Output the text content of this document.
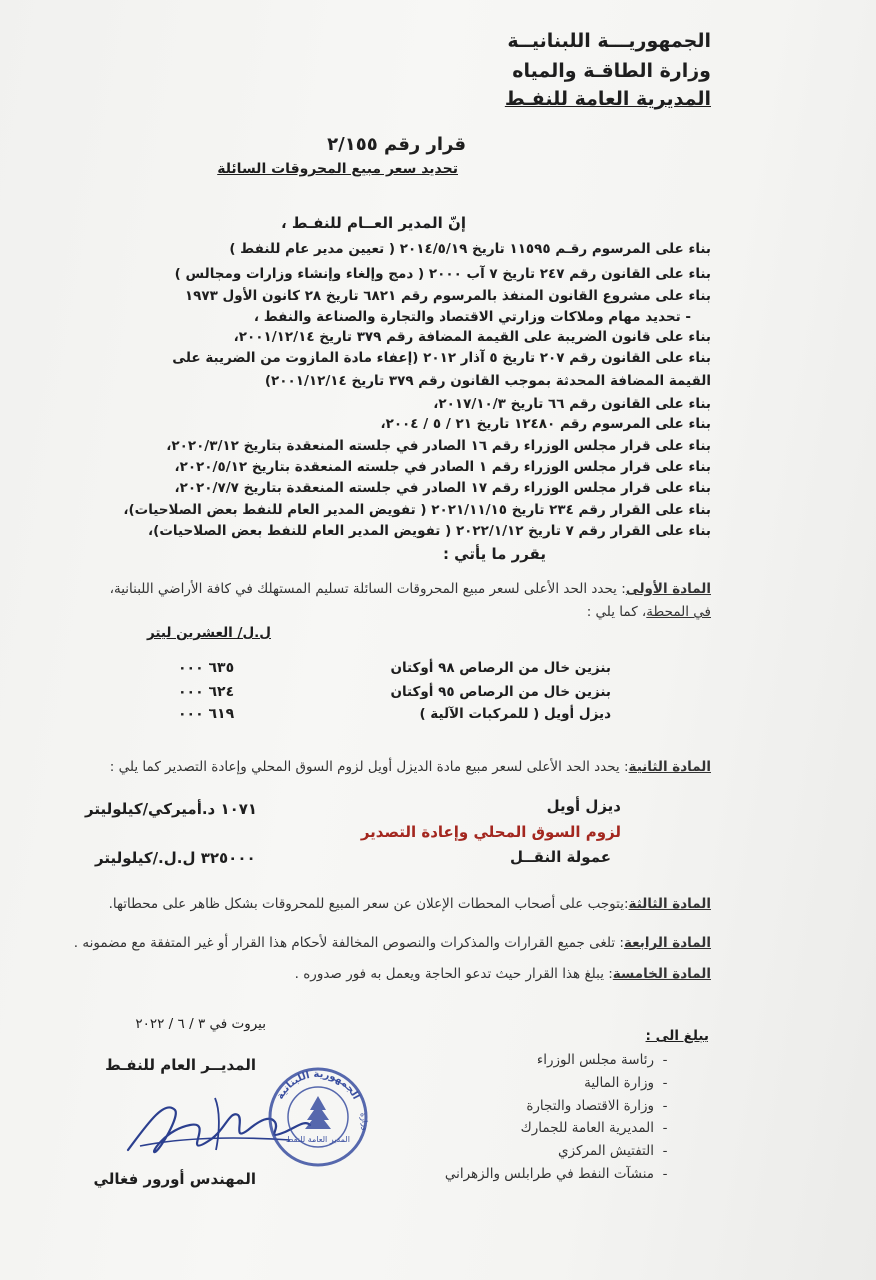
الجمهوريـــة اللبنانيــة
وزارة الطاقـة والمياه
المديرية العامة للنفـط
قرار رقم ٢/١٥٥
تحديد سعر مبيع المحروقات السائلة
إنّ المدير العــام للنفـط ،
بناء على المرسوم رقـم ١١٥٩٥ تاريخ ٢٠١٤/٥/١٩ ( تعيين مدير عام للنفط )
بناء على القانون رقم ٢٤٧ تاريخ ٧ آب ٢٠٠٠ ( دمج وإلغاء وإنشاء وزارات ومجالس )
بناء على مشروع القانون المنفذ بالمرسوم رقم ٦٨٢١ تاريخ ٢٨ كانون الأول ١٩٧٣
- تحديد مهام وملاكات وزارتي الاقتصاد والتجارة والصناعة والنفط ،
بناء على قانون الضريبة على القيمة المضافة رقم ٣٧٩ تاريخ ٢٠٠١/١٢/١٤،
بناء على القانون رقم ٢٠٧ تاريخ ٥ آذار ٢٠١٢ (إعفاء مادة المازوت من الضريبة على
القيمة المضافة المحدثة بموجب القانون رقم ٣٧٩ تاريخ ٢٠٠١/١٢/١٤)
بناء على القانون رقم ٦٦ تاريخ ٢٠١٧/١٠/٣،
بناء على المرسوم رقم ١٢٤٨٠ تاريخ ٢١ / ٥ / ٢٠٠٤،
بناء على قرار مجلس الوزراء رقم ١٦ الصادر في جلسته المنعقدة بتاريخ ٢٠٢٠/٣/١٢،
بناء على قرار مجلس الوزراء رقم ١ الصادر في جلسته المنعقدة بتاريخ ٢٠٢٠/٥/١٢،
بناء على قرار مجلس الوزراء رقم ١٧ الصادر في جلسته المنعقدة بتاريخ ٢٠٢٠/٧/٧،
بناء على القرار رقم ٢٣٤ تاريخ ٢٠٢١/١١/١٥ ( تفويض المدير العام للنفط بعض الصلاحيات)،
بناء على القرار رقم ٧ تاريخ ٢٠٢٢/١/١٢ ( تفويض المدير العام للنفط بعض الصلاحيات)،
يقرر ما يأتي :
المادة الأولى: يحدد الحد الأعلى لسعر مبيع المحروقات السائلة تسليم المستهلك في كافة الأراضي اللبنانية،
في المحطة، كما يلي :
ل.ل/ العشرين ليتر
بنزين خال من الرصاص ٩٨ أوكتان
٦٣٥ ٠٠٠
بنزين خال من الرصاص ٩٥ أوكتان
٦٢٤ ٠٠٠
ديزل أويل ( للمركبات الآلية )
٦١٩ ٠٠٠
المادة الثانية: يحدد الحد الأعلى لسعر مبيع مادة الديزل أويل لزوم السوق المحلي وإعادة التصدير كما يلي :
ديزل أويل
١٠٧١ د.أميركي/كيلوليتر
لزوم السوق المحلي وإعادة التصدير
عمولة النقــل
٣٢٥٠٠٠ ل.ل./كيلوليتر
المادة الثالثة:يتوجب على أصحاب المحطات الإعلان عن سعر المبيع للمحروقات بشكل ظاهر على محطاتها.
المادة الرابعة: تلغى جميع القرارات والمذكرات والنصوص المخالفة لأحكام هذا القرار أو غير المتفقة مع مضمونه .
المادة الخامسة: يبلغ هذا القرار حيث تدعو الحاجة ويعمل به فور صدوره .
بيروت في ٣ / ٦ / ٢٠٢٢
يبلغ الى :
-رئاسة مجلس الوزراء
-وزارة المالية
-وزارة الاقتصاد والتجارة
-المديرية العامة للجمارك
-التفتيش المركزي
-منشآت النفط في طرابلس والزهراني
المديــر العام للنفـط
الجمهورية اللبنانية
المدير العامة للنفط
وزارة
المهندس أورور فغالي
